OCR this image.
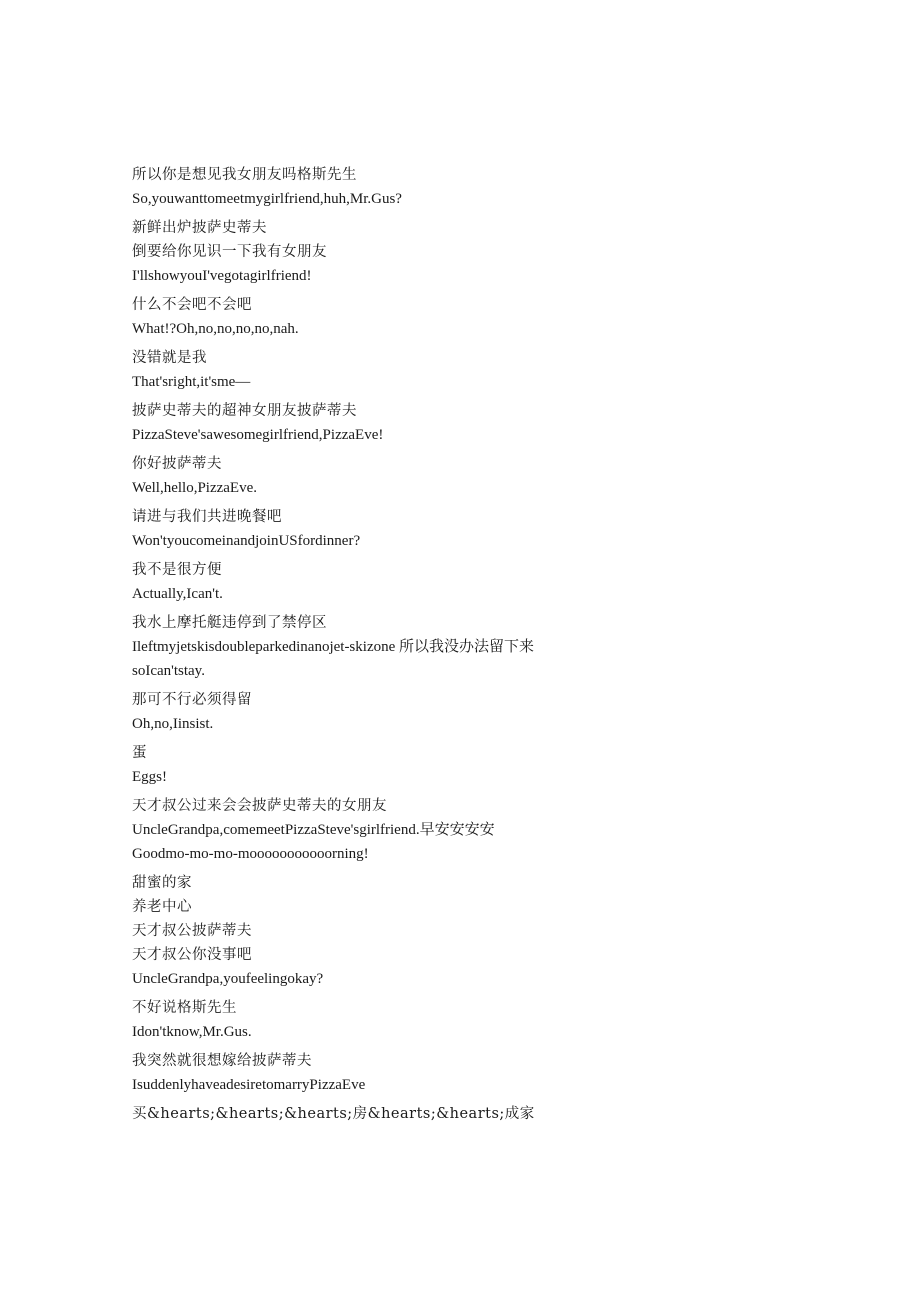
所以你是想见我女朋友吗格斯先生
So,youwanttomeetmygirlfriend,huh,Mr.Gus?
新鲜出炉披萨史蒂夫
倒要给你见识一下我有女朋友
I'llshowyouI'vegotagirlfriend!
什么不会吧不会吧
What!?Oh,no,no,no,no,nah.
没错就是我
That'sright,it'sme—
披萨史蒂夫的超神女朋友披萨蒂夫
PizzaSteve'sawesomegirlfriend,PizzaEve!
你好披萨蒂夫
Well,hello,PizzaEve.
请进与我们共进晚餐吧
Won'tyoucomeinandjoinUSfordinner?
我不是很方便
Actually,Ican't.
我水上摩托艇违停到了禁停区
Ileftmyjetskisdoubleparkedinanojet-skizone 所以我没办法留下来
soIcan'tstay.
那可不行必须得留
Oh,no,Iinsist.
蛋
Eggs!
天才叔公过来会会披萨史蒂夫的女朋友
UncleGrandpa,comemeetPizzaSteve'sgirlfriend.早安安安安
Goodmo-mo-mo-mooooooooooorning!
甜蜜的家
养老中心
天才叔公披萨蒂夫
天才叔公你没事吧
UncleGrandpa,youfeelingokay?
不好说格斯先生
Idon'tknow,Mr.Gus.
我突然就很想嫁给披萨蒂夫
IsuddenlyhaveadesiretomarryPizzaEve
买&hearts;&hearts;&hearts;房&hearts;&hearts;成家
